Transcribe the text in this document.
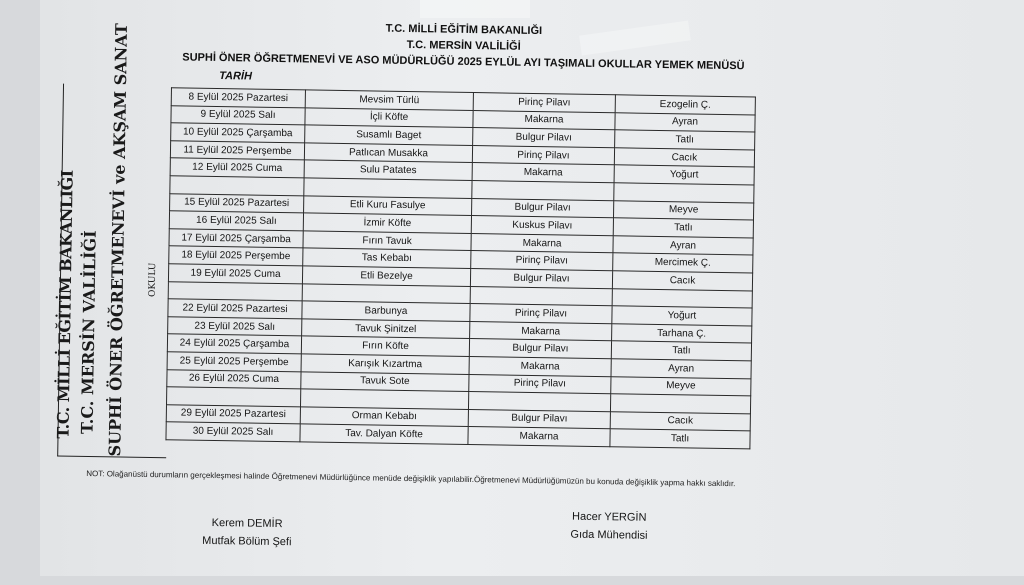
T.C. MİLLİ EĞİTİM BAKANLIĞI
T.C. MERSİN VALİLİĞİ
SUPHİ ÖNER ÖĞRETMENEVİ VE ASO MÜDÜRLÜĞÜ 2025 EYLÜL AYI TAŞIMALI OKULLAR YEMEK MENÜSÜ
TARİH
T.C. MİLLİ EĞİTİM BAKANLIĞI T.C. MERSİN VALİLİĞİ SUPHİ ÖNER ÖĞRETMENEVİ ve AKŞAM SANAT OKULU
8 Eylül 2025 Pazartesi	Mevsim Türlü	Pirinç Pilavı	Ezogelin Ç.
9 Eylül 2025 Salı	İçli Köfte	Makarna	Ayran
10 Eylül 2025 Çarşamba	Susamlı Baget	Bulgur Pilavı	Tatlı
11 Eylül 2025 Perşembe	Patlıcan Musakka	Pirinç Pilavı	Cacık
12 Eylül 2025 Cuma	Sulu Patates	Makarna	Yoğurt

15 Eylül 2025 Pazartesi	Etli Kuru Fasulye	Bulgur Pilavı	Meyve
16 Eylül 2025 Salı	İzmir Köfte	Kuskus Pilavı	Tatlı
17 Eylül 2025 Çarşamba	Fırın Tavuk	Makarna	Ayran
18 Eylül 2025 Perşembe	Tas Kebabı	Pirinç Pilavı	Mercimek Ç.
19 Eylül 2025 Cuma	Etli Bezelye	Bulgur Pilavı	Cacık

22 Eylül 2025 Pazartesi	Barbunya	Pirinç Pilavı	Yoğurt
23 Eylül 2025 Salı	Tavuk Şinitzel	Makarna	Tarhana Ç.
24 Eylül 2025 Çarşamba	Fırın Köfte	Bulgur Pilavı	Tatlı
25 Eylül 2025 Perşembe	Karışık Kızartma	Makarna	Ayran
26 Eylül 2025 Cuma	Tavuk Sote	Pirinç Pilavı	Meyve

29 Eylül 2025 Pazartesi	Orman Kebabı	Bulgur Pilavı	Cacık
30 Eylül 2025 Salı	Tav. Dalyan Köfte	Makarna	Tatlı
NOT: Olağanüstü durumların gerçekleşmesi halinde Öğretmenevi Müdürlüğünce menüde değişiklik yapılabilir.Öğretmenevi Müdürlüğümüzün bu konuda değişiklik yapma hakkı saklıdır.
Kerem DEMİR
Mutfak Bölüm Şefi
Hacer YERGİN
Gıda Mühendisi
